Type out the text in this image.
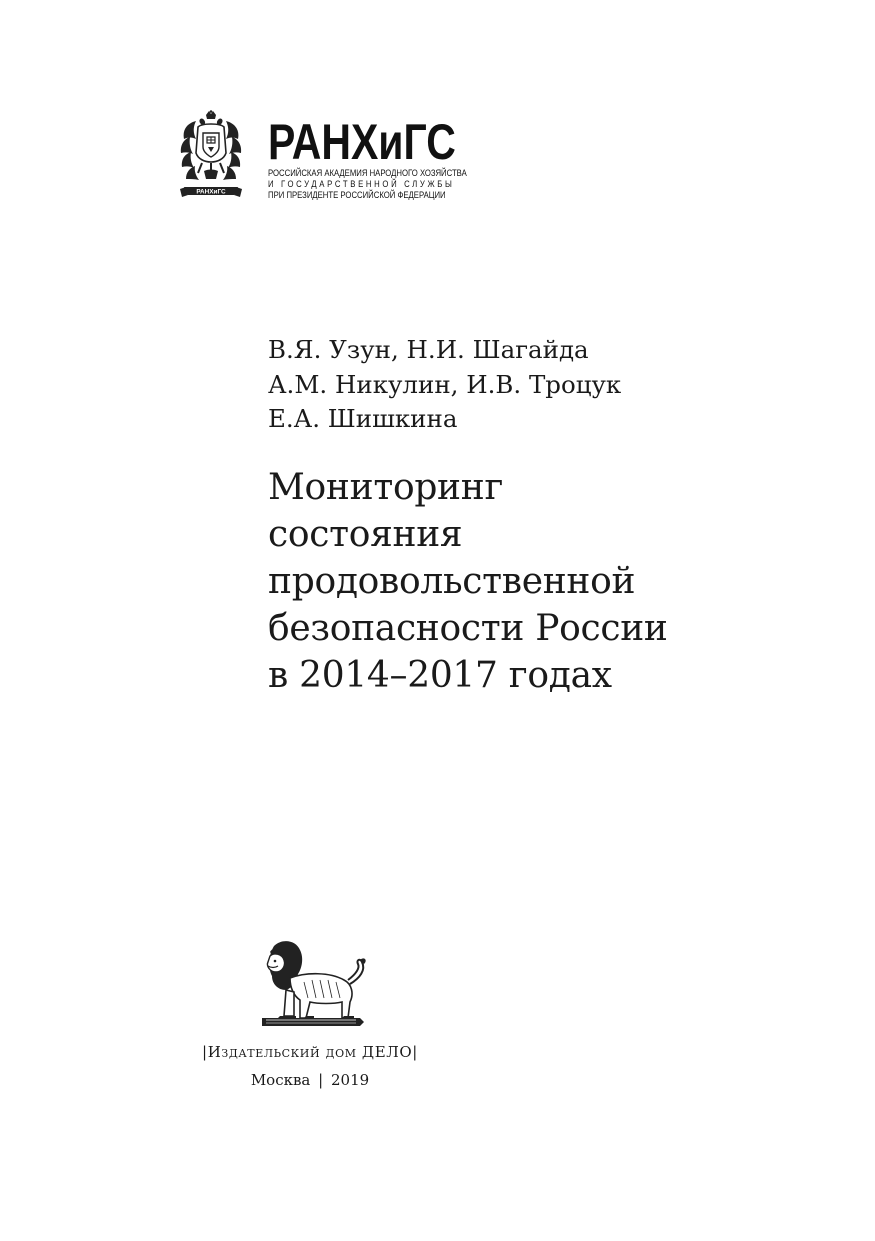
РАНХиГС
РАНХиГС
РОССИЙСКАЯ АКАДЕМИЯ НАРОДНОГО ХОЗЯЙСТВА
И ГОСУДАРСТВЕННОЙ СЛУЖБЫ
ПРИ ПРЕЗИДЕНТЕ РОССИЙСКОЙ ФЕДЕРАЦИИ
В.Я. Узун, Н.И. Шагайда
А.М. Никулин, И.В. Троцук
Е.А. Шишкина
Мониторинг
состояния
продовольственной
безопасности России
в 2014–2017 годах
|Издательский дом ДЕЛО|
Москва | 2019
